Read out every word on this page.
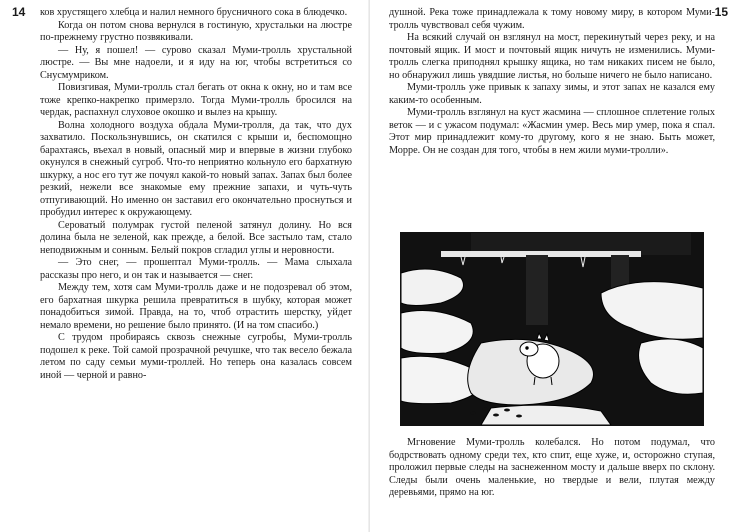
14 ков хрустящего хлебца и налил немного брусничного сока в блюдечко.

Когда он потом снова вернулся в гостиную, хрустальки на люстре по-прежнему грустно позвякивали.

— Ну, я пошел! — сурово сказал Муми-тролль хрустальной люстре. — Вы мне надоели, и я иду на юг, чтобы встретиться со Снусмумриком.

Повизгивая, Муми-тролль стал бегать от окна к окну, но и там все тоже крепко-накрепко примерзло. Тогда Муми-тролль бросился на чердак, распахнул слуховое окошко и вылез на крышу.

Волна холодного воздуха обдала Муми-тролля, да так, что дух захватило. Поскользнувшись, он скатился с крыши и, беспомощно барахтаясь, въехал в новый, опасный мир и впервые в жизни глубоко окунулся в снежный сугроб. Что-то неприятно кольнуло его бархатную шкурку, а нос его тут же почуял какой-то новый запах. Запах был более резкий, нежели все знакомые ему прежние запахи, и чуть-чуть отпугивающий. Но именно он заставил его окончательно проснуться и пробудил интерес к окружающему.

Сероватый полумрак густой пеленой затянул долину. Но вся долина была не зеленой, как прежде, а белой. Все застыло там, стало неподвижным и сонным. Белый покров сгладил углы и неровности.

— Это снег, — прошептал Муми-тролль. — Мама слыхала рассказы про него, и он так и называется — снег.

Между тем, хотя сам Муми-тролль даже и не подозревал об этом, его бархатная шкурка решила превратиться в шубку, которая может понадобиться зимой. Правда, на то, чтоб отрастить шерстку, уйдет немало времени, но решение было принято. (И на том спасибо.)

С трудом пробираясь сквозь снежные сугробы, Муми-тролль подошел к реке. Той самой прозрачной речушке, что так весело бежала летом по саду семьи муми-троллей. Но теперь она казалась совсем иной — черной и равно-

15

душной. Река тоже принадлежала к тому новому миру, в котором Муми-тролль чувствовал себя чужим.

На всякий случай он взглянул на мост, перекинутый через реку, и на почтовый ящик. И мост и почтовый ящик ничуть не изменились. Муми-тролль слегка приподнял крышку ящика, но там никаких писем не было, но обнаружил лишь увядшие листья, но больше ничего не было написано.

Муми-тролль уже привык к запаху зимы, и этот запах не казался ему каким-то особенным.

Муми-тролль взглянул на куст жасмина — сплошное сплетение голых веток — и с ужасом подумал: «Жасмин умер. Весь мир умер, пока я спал. Этот мир принадлежит кому-то другому, кого я не знаю. Быть может, Морре. Он не создан для того, чтобы в нем жили муми-тролли».

Мгновение Муми-тролль колебался. Но потом подумал, что бодрствовать одному среди тех, кто спит, еще хуже, и, осторожно ступая, проложил первые следы на заснеженном мосту и дальше вверх по склону. Следы были очень маленькие, но твердые и вели, плутая между деревьями, прямо на юг.
